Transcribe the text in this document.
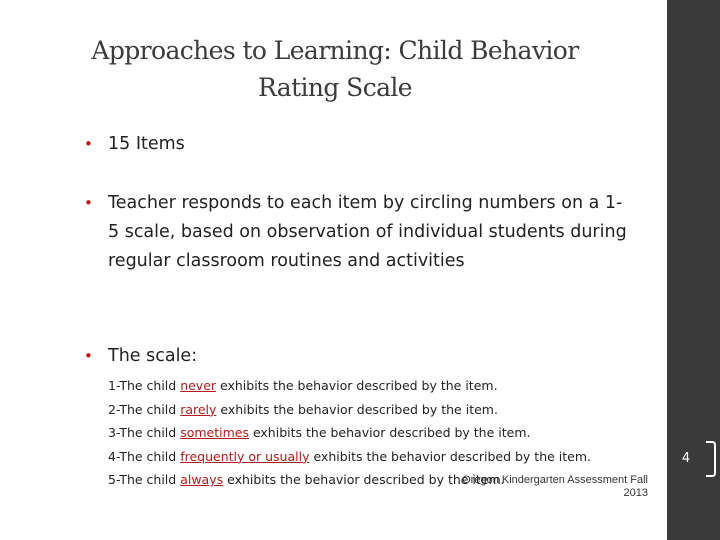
Approaches to Learning: Child Behavior
Rating Scale
• 15 Items
• Teacher responds to each item by circling numbers on a 1-5 scale, based on observation of individual students during regular classroom routines and activities
• The scale:
1-The child never exhibits the behavior described by the item.
2-The child rarely exhibits the behavior described by the item.
3-The child sometimes exhibits the behavior described by the item.
4-The child frequently or usually exhibits the behavior described by the item.
5-The child always exhibits the behavior described by the item.
4
Oregon Kindergarten Assessment Fall
2013
